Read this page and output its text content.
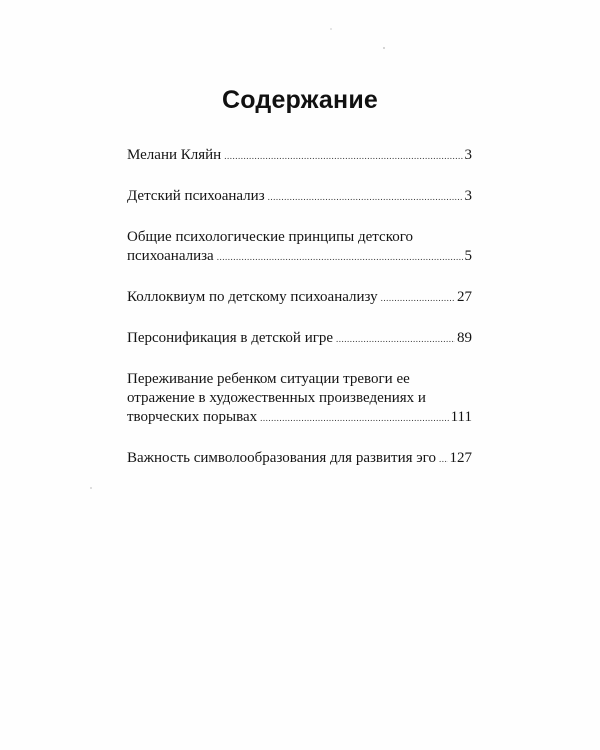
Содержание
Мелани Кляйн .....	3
Детский психоанализ .....	3
Общие психологические принципы детского
психоанализа .....	5
Коллоквиум по детскому психоанализу .....	27
Персонификация в детской игре .....	89
Переживание ребенком ситуации тревоги ее
отражение в художественных произведениях и
творческих порывах .....	111
Важность символообразования для развития эго ..... 127
